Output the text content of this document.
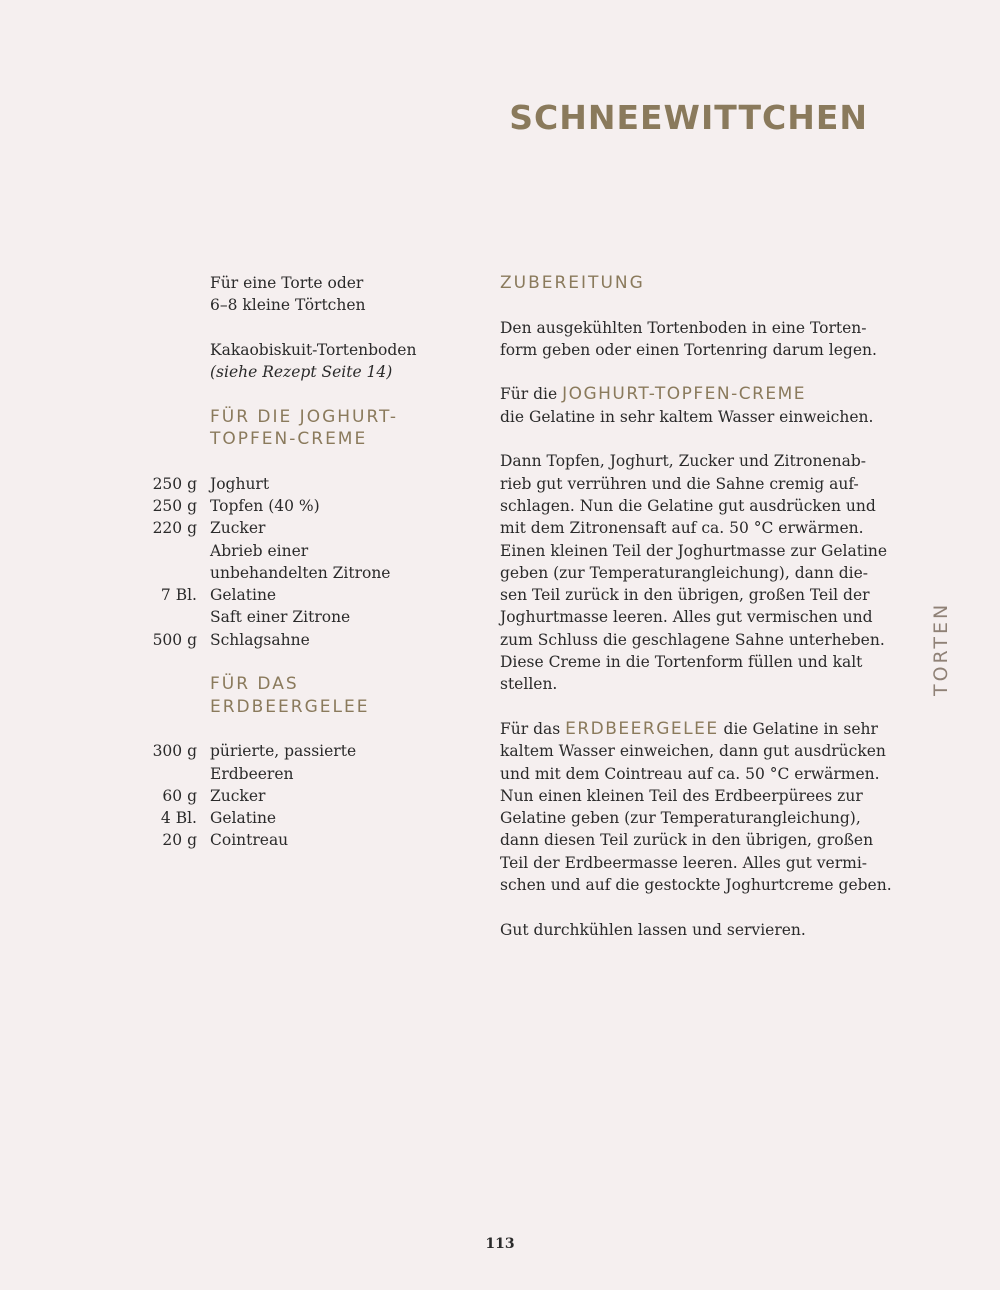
SCHNEEWITTCHEN
TORTEN

Für eine Torte oder

6–8 kleine Törtchen

Kakaobiskuit-Tortenboden

(siehe Rezept Seite 14)

FÜR DIE JOGHURT-
TOPFEN-CREME
250 g Joghurt
250 g Topfen (40 %)
220 g Zucker
Abrieb einer
unbehandelten Zitrone
7 Bl. Gelatine
Saft einer Zitrone
500 g Schlagsahne
FÜR DAS
ERDBEERGELEE
300 g pürierte, passierte
Erdbeeren
60 g Zucker
4 Bl. Gelatine
20 g Cointreau
ZUBEREITUNG

Den ausgekühlten Tortenboden in eine Torten-
form geben oder einen Tortenring darum legen.

Für die JOGHURT-TOPFEN-CREME
die Gelatine in sehr kaltem Wasser einweichen.

Dann Topfen, Joghurt, Zucker und Zitronenab-
rieb gut verrühren und die Sahne cremig auf-
schlagen. Nun die Gelatine gut ausdrücken und
mit dem Zitronensaft auf ca. 50 °C erwärmen.
Einen kleinen Teil der Joghurtmasse zur Gelatine
geben (zur Temperaturangleichung), dann die-
sen Teil zurück in den übrigen, großen Teil der
Joghurtmasse leeren. Alles gut vermischen und
zum Schluss die geschlagene Sahne unterheben.
Diese Creme in die Tortenform füllen und kalt
stellen.

Für das ERDBEERGELEE die Gelatine in sehr
kaltem Wasser einweichen, dann gut ausdrücken
und mit dem Cointreau auf ca. 50 °C erwärmen.
Nun einen kleinen Teil des Erdbeerpürees zur
Gelatine geben (zur Temperaturangleichung),
dann diesen Teil zurück in den übrigen, großen
Teil der Erdbeermasse leeren. Alles gut vermi-
schen und auf die gestockte Joghurtcreme geben.

Gut durchkühlen lassen und servieren.

113
